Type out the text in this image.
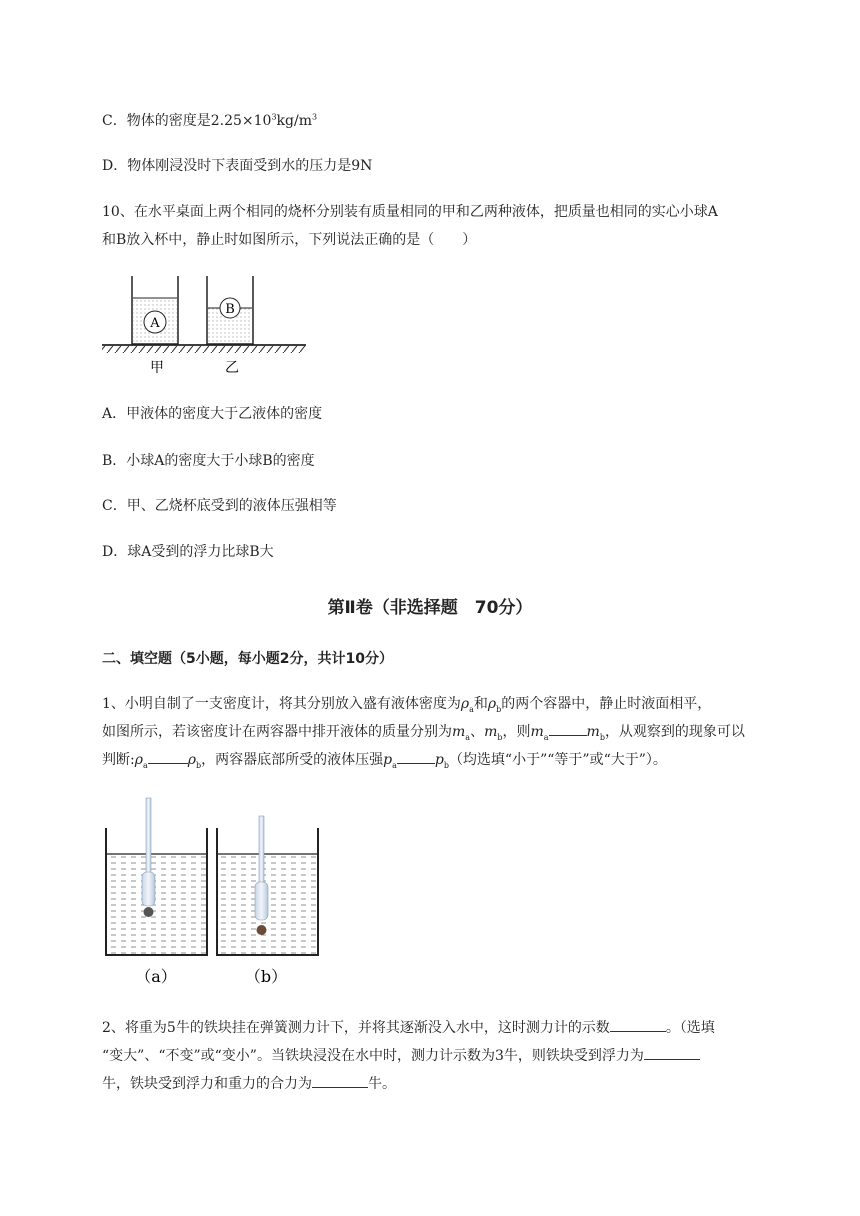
C．物体的密度是$2.25\times 10^3kg/m^3$
D．物体刚浸没时下表面受到水的压力是9N
10、在水平桌面上两个相同的烧杯分别装有质量相同的甲和乙两种液体，把质量也相同的实心小球A
和B放入杯中，静止时如图所示，下列说法正确的是（　　）
A
B
甲	乙
A．甲液体的密度大于乙液体的密度
B．小球A的密度大于小球B的密度
C．甲、乙烧杯底受到的液体压强相等
D．球A受到的浮力比球B大
第Ⅱ卷（非选择题　70分）
二、填空题（5小题，每小题2分，共计10分）
1、小明自制了一支密度计，将其分别放入盛有液体密度为$\rho_a$和$\rho_b$的两个容器中，静止时液面相平，
如图所示，若该密度计在两容器中排开液体的质量分别为$m_a$、$m_b$，则$m_a$	$m_b$，从观察到的现象可以
判断$:\rho_a$	$\rho_b$，两容器底部所受的液体压强$p_a$	$p_b$（均选填“小于”“等于”或“大于”）。
（a）	（b）
2、将重为5牛的铁块挂在弹簧测力计下，并将其逐渐没入水中，这时测力计的示数	。（选填
“变大”、“不变”或“变小”。当铁块浸没在水中时，测力计示数为3牛，则铁块受到浮力为
牛，铁块受到浮力和重力的合力为	牛。
